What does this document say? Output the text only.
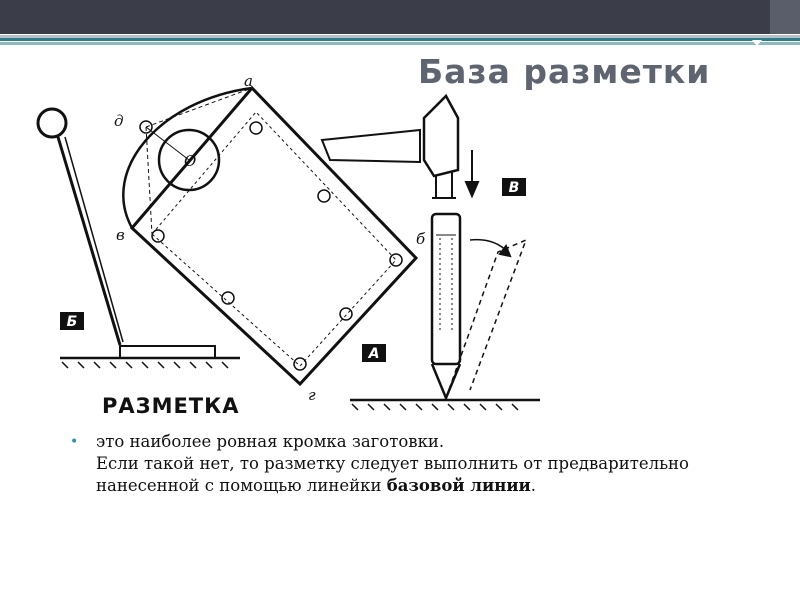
База разметки
Б
А
В
а
б
в
г
д
О
РАЗМЕТКА
• это наиболее ровная кромка заготовки.
Если такой нет, то разметку следует выполнить от предварительно нанесенной с помощью линейки базовой линии.
